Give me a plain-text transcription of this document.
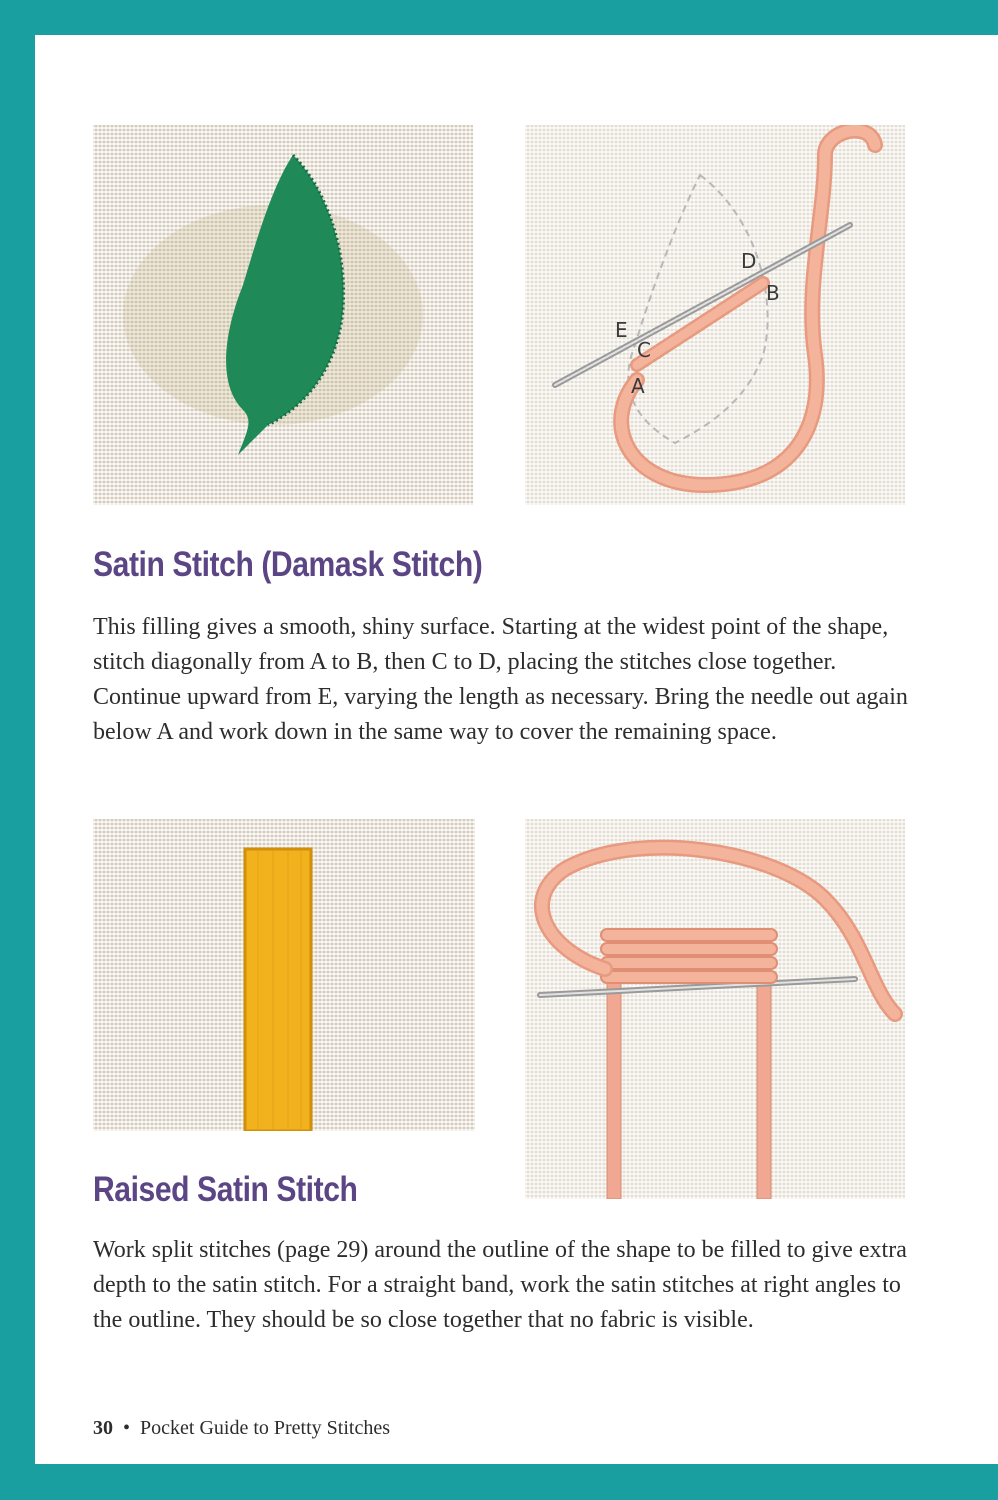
A
B
C
D
E
Satin Stitch (Damask Stitch)

This filling gives a smooth, shiny surface. Starting at the widest point of the shape, stitch diagonally from A to B, then C to D, placing the stitches close together. Continue upward from E, varying the length as necessary. Bring the needle out again below A and work down in the same way to cover the remaining space.

Raised Satin Stitch

Work split stitches (page 29) around the outline of the shape to be filled to give extra depth to the satin stitch. For a straight band, work the satin stitches at right angles to the outline. They should be so close together that no fabric is visible.

30 • Pocket Guide to Pretty Stitches
